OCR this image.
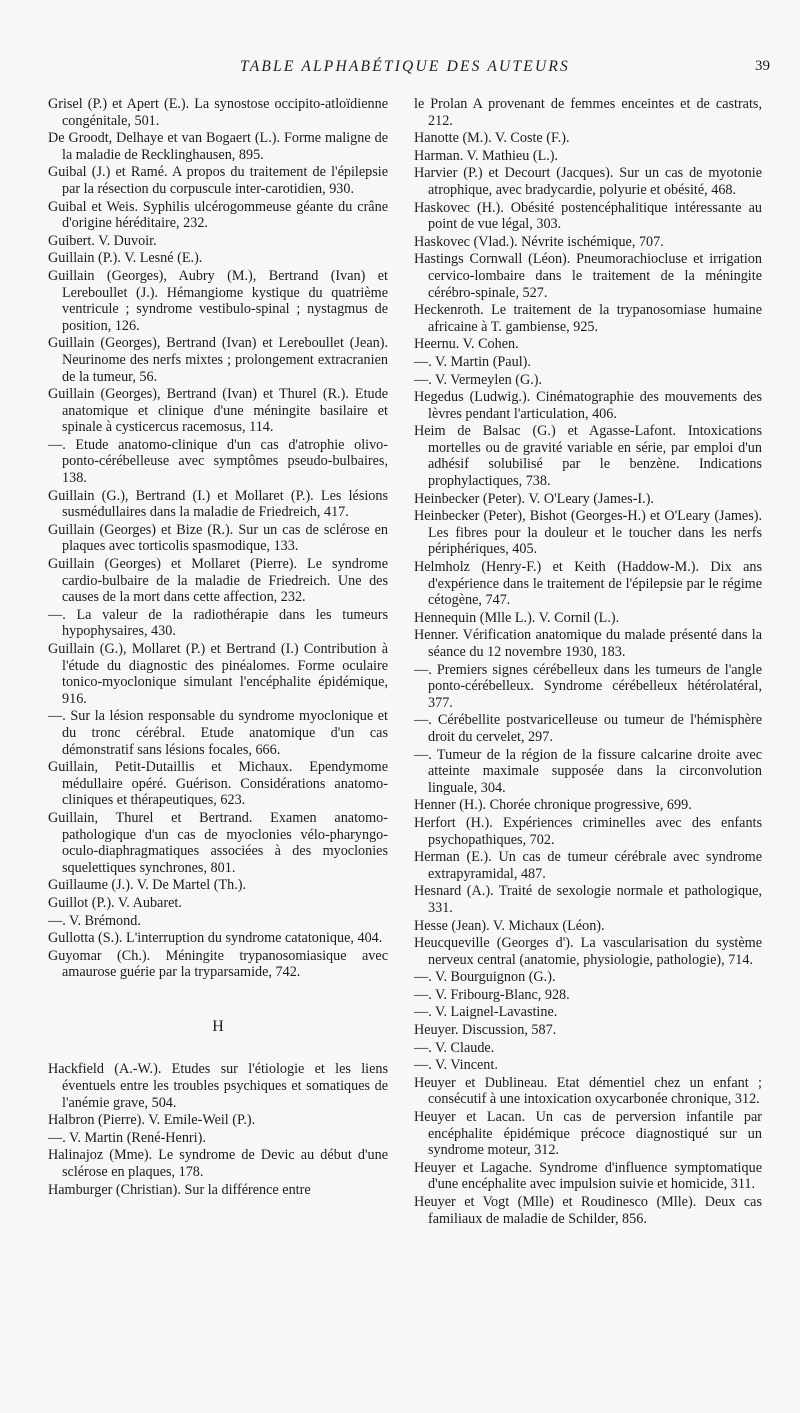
TABLE ALPHABÉTIQUE DES AUTEURS	39

Grisel (P.) et Apert (E.). La synostose occipito-atloïdienne congénitale, 501.

De Groodt, Delhaye et van Bogaert (L.). Forme maligne de la maladie de Recklinghausen, 895.

Guibal (J.) et Ramé. A propos du traitement de l'épilepsie par la résection du corpuscule inter-carotidien, 930.

Guibal et Weis. Syphilis ulcérogommeuse géante du crâne d'origine héréditaire, 232.

Guibert. V. Duvoir.

Guillain (P.). V. Lesné (E.).

Guillain (Georges), Aubry (M.), Bertrand (Ivan) et Lereboullet (J.). Hémangiome kystique du quatrième ventricule ; syndrome vestibulo-spinal ; nystagmus de position, 126.

Guillain (Georges), Bertrand (Ivan) et Lereboullet (Jean). Neurinome des nerfs mixtes ; prolongement extracranien de la tumeur, 56.

Guillain (Georges), Bertrand (Ivan) et Thurel (R.). Etude anatomique et clinique d'une méningite basilaire et spinale à cysticercus racemosus, 114.

—. Etude anatomo-clinique d'un cas d'atrophie olivo-ponto-cérébelleuse avec symptômes pseudo-bulbaires, 138.

Guillain (G.), Bertrand (I.) et Mollaret (P.). Les lésions susmédullaires dans la maladie de Friedreich, 417.

Guillain (Georges) et Bize (R.). Sur un cas de sclérose en plaques avec torticolis spasmodique, 133.

Guillain (Georges) et Mollaret (Pierre). Le syndrome cardio-bulbaire de la maladie de Friedreich. Une des causes de la mort dans cette affection, 232.

—. La valeur de la radiothérapie dans les tumeurs hypophysaires, 430.

Guillain (G.), Mollaret (P.) et Bertrand (I.) Contribution à l'étude du diagnostic des pinéalomes. Forme oculaire tonico-myoclonique simulant l'encéphalite épidémique, 916.

—. Sur la lésion responsable du syndrome myoclonique et du tronc cérébral. Etude anatomique d'un cas démonstratif sans lésions focales, 666.

Guillain, Petit-Dutaillis et Michaux. Ependymome médullaire opéré. Guérison. Considérations anatomo-cliniques et thérapeutiques, 623.

Guillain, Thurel et Bertrand. Examen anatomo-pathologique d'un cas de myoclonies vélo-pharyngo-oculo-diaphragmatiques associées à des myoclonies squelettiques synchrones, 801.

Guillaume (J.). V. De Martel (Th.).

Guillot (P.). V. Aubaret.

—. V. Brémond.

Gullotta (S.). L'interruption du syndrome catatonique, 404.

Guyomar (Ch.). Méningite trypanosomiasique avec amaurose guérie par la tryparsamide, 742.

H

Hackfield (A.-W.). Etudes sur l'étiologie et les liens éventuels entre les troubles psychiques et somatiques de l'anémie grave, 504.

Halbron (Pierre). V. Emile-Weil (P.).

—. V. Martin (René-Henri).

Halinajoz (Mme). Le syndrome de Devic au début d'une sclérose en plaques, 178.

Hamburger (Christian). Sur la différence entre

le Prolan A provenant de femmes enceintes et de castrats, 212.

Hanotte (M.). V. Coste (F.).

Harman. V. Mathieu (L.).

Harvier (P.) et Decourt (Jacques). Sur un cas de myotonie atrophique, avec bradycardie, polyurie et obésité, 468.

Haskovec (H.). Obésité postencéphalitique intéressante au point de vue légal, 303.

Haskovec (Vlad.). Névrite ischémique, 707.

Hastings Cornwall (Léon). Pneumorachiocluse et irrigation cervico-lombaire dans le traitement de la méningite cérébro-spinale, 527.

Heckenroth. Le traitement de la trypanosomiase humaine africaine à T. gambiense, 925.

Heernu. V. Cohen.

—. V. Martin (Paul).

—. V. Vermeylen (G.).

Hegedus (Ludwig.). Cinématographie des mouvements des lèvres pendant l'articulation, 406.

Heim de Balsac (G.) et Agasse-Lafont. Intoxications mortelles ou de gravité variable en série, par emploi d'un adhésif solubilisé par le benzène. Indications prophylactiques, 738.

Heinbecker (Peter). V. O'Leary (James-I.).

Heinbecker (Peter), Bishot (Georges-H.) et O'Leary (James). Les fibres pour la douleur et le toucher dans les nerfs périphériques, 405.

Helmholz (Henry-F.) et Keith (Haddow-M.). Dix ans d'expérience dans le traitement de l'épilepsie par le régime cétogène, 747.

Hennequin (Mlle L.). V. Cornil (L.).

Henner. Vérification anatomique du malade présenté dans la séance du 12 novembre 1930, 183.

—. Premiers signes cérébelleux dans les tumeurs de l'angle ponto-cérébelleux. Syndrome cérébelleux hétérolatéral, 377.

—. Cérébellite postvaricelleuse ou tumeur de l'hémisphère droit du cervelet, 297.

—. Tumeur de la région de la fissure calcarine droite avec atteinte maximale supposée dans la circonvolution linguale, 304.

Henner (H.). Chorée chronique progressive, 699.

Herfort (H.). Expériences criminelles avec des enfants psychopathiques, 702.

Herman (E.). Un cas de tumeur cérébrale avec syndrome extrapyramidal, 487.

Hesnard (A.). Traité de sexologie normale et pathologique, 331.

Hesse (Jean). V. Michaux (Léon).

Heucqueville (Georges d'). La vascularisation du système nerveux central (anatomie, physiologie, pathologie), 714.

—. V. Bourguignon (G.).

—. V. Fribourg-Blanc, 928.

—. V. Laignel-Lavastine.

Heuyer. Discussion, 587.

—. V. Claude.

—. V. Vincent.

Heuyer et Dublineau. Etat démentiel chez un enfant ; consécutif à une intoxication oxycarbonée chronique, 312.

Heuyer et Lacan. Un cas de perversion infantile par encéphalite épidémique précoce diagnostiqué sur un syndrome moteur, 312.

Heuyer et Lagache. Syndrome d'influence symptomatique d'une encéphalite avec impulsion suivie et homicide, 311.

Heuyer et Vogt (Mlle) et Roudinesco (Mlle). Deux cas familiaux de maladie de Schilder, 856.
